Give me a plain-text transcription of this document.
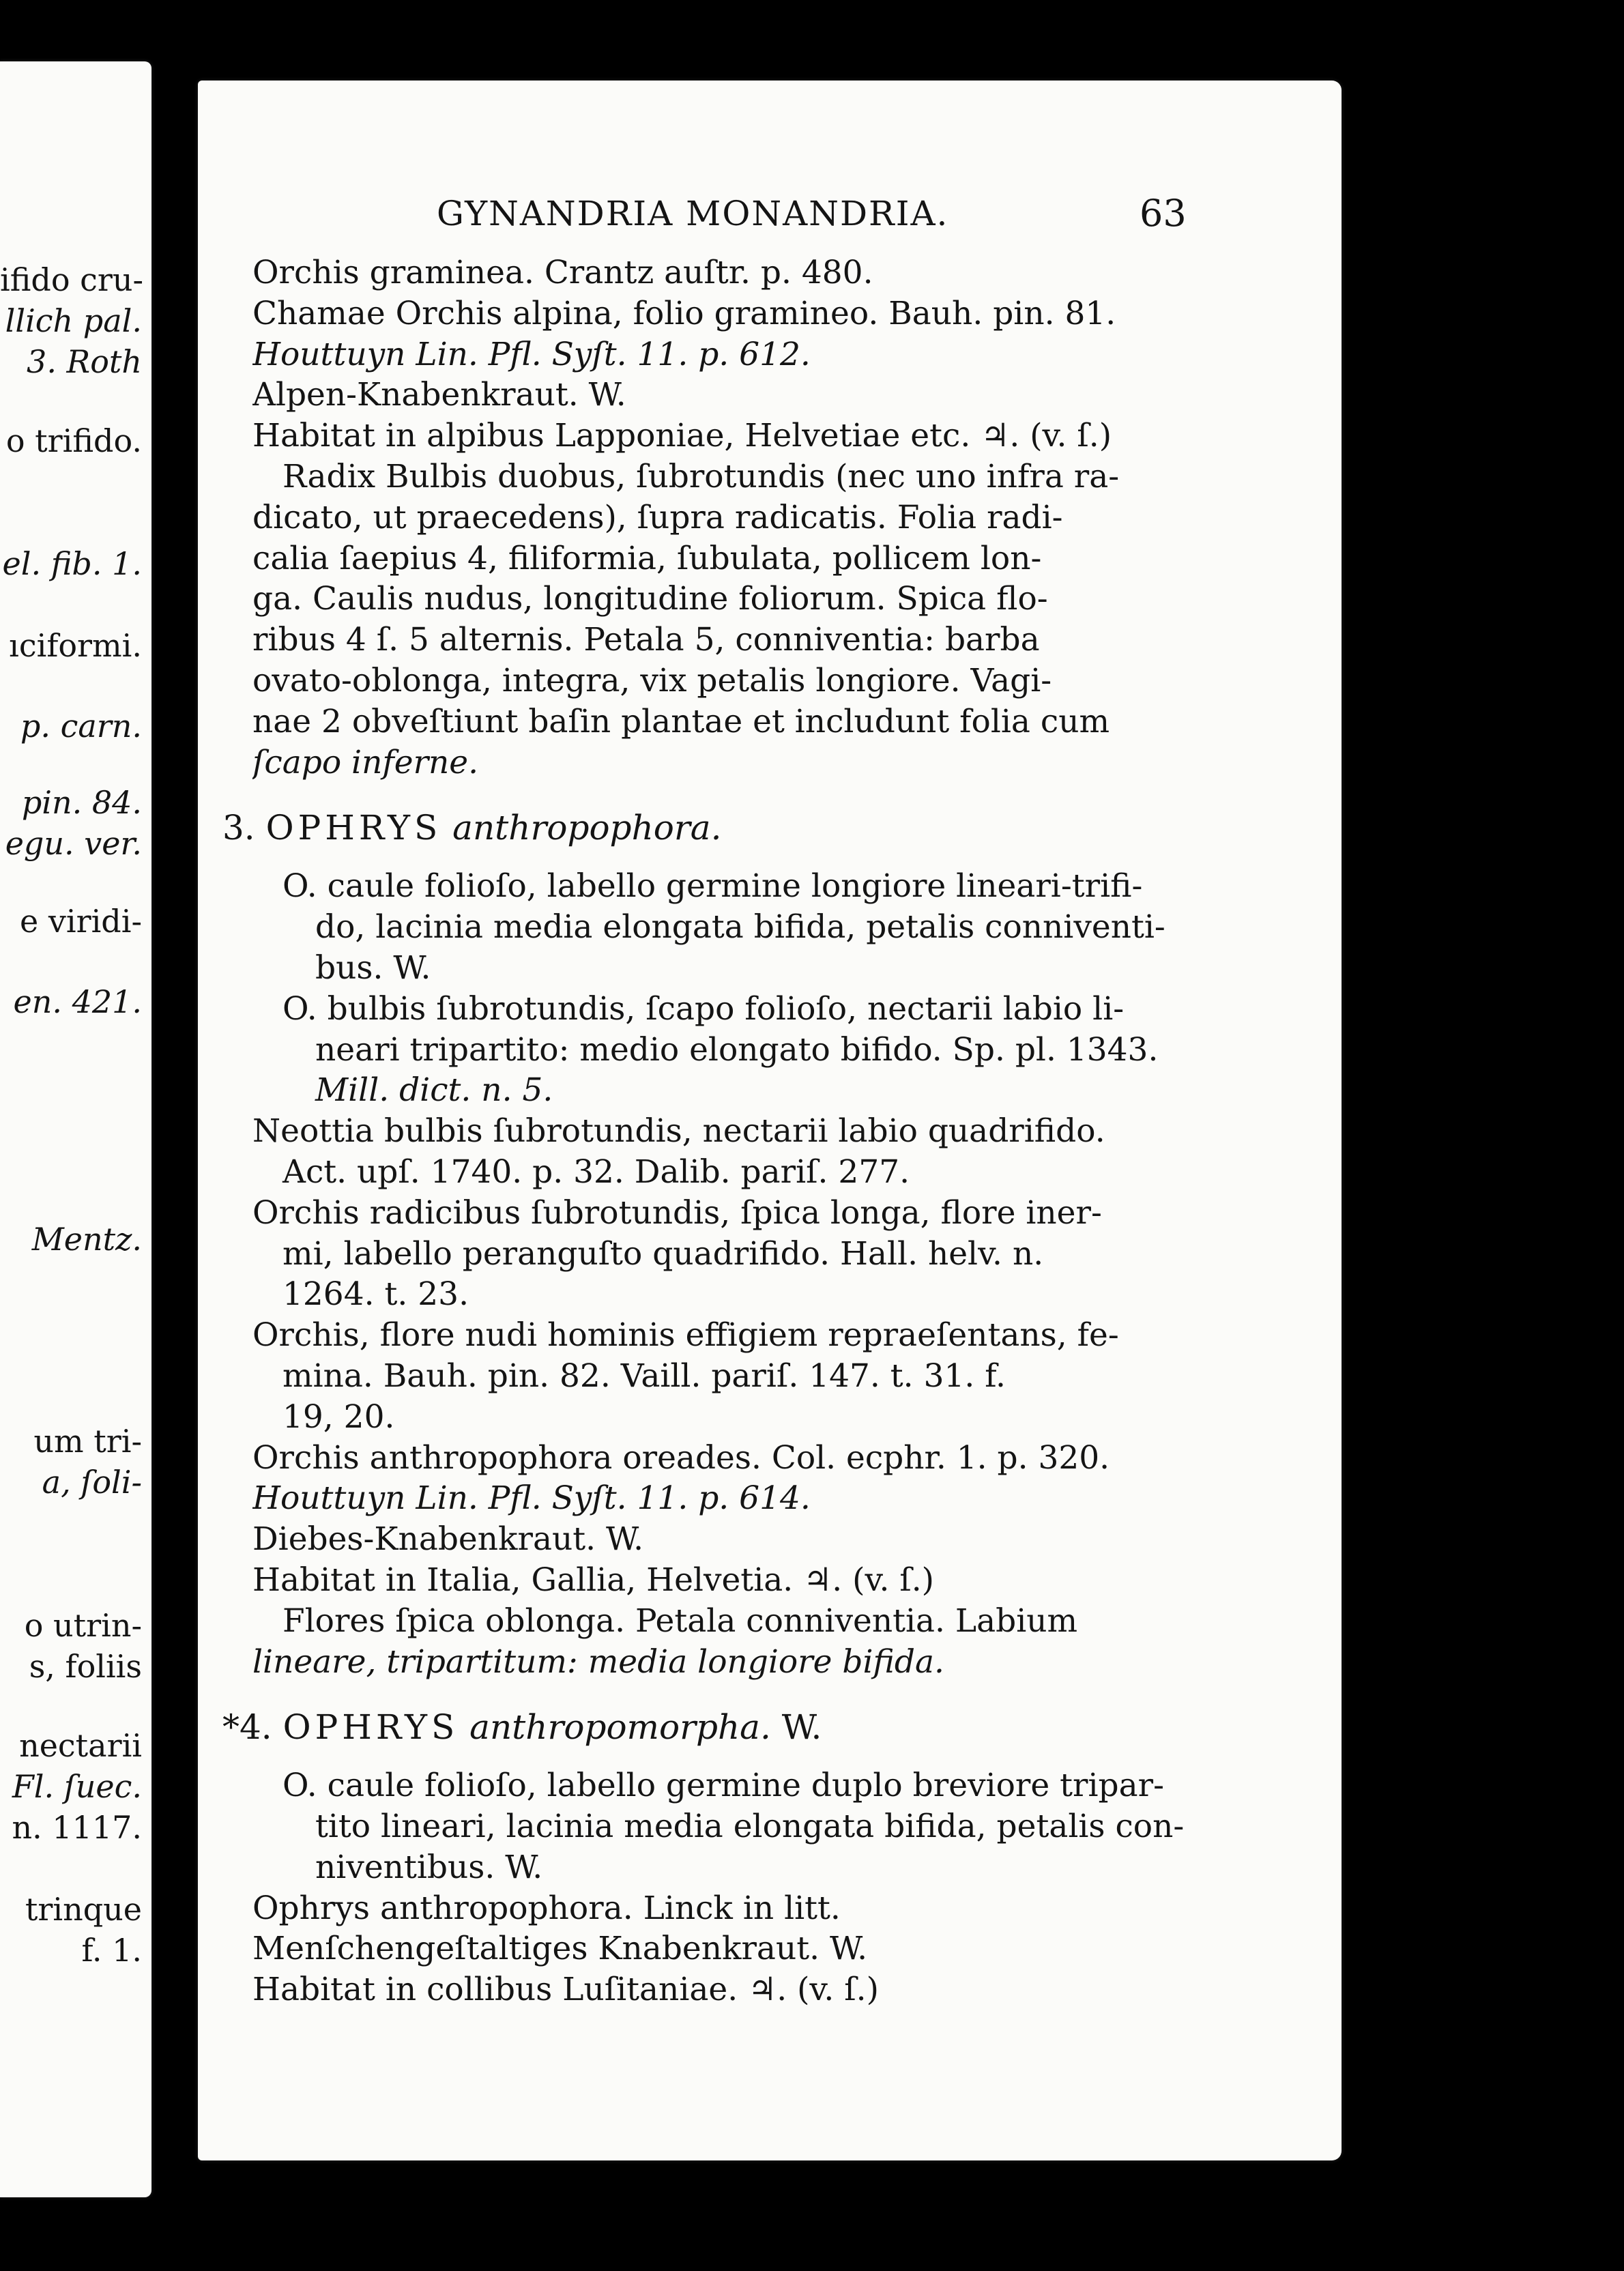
ifido cru-
llich pal.
3. Roth
o trifido.
el. fib. 1.
ıciformi.
p. carn.
pin. 84.
egu. ver.
e viridi-
en. 421.
Mentz.
um tri-
a, ſoli-
o utrin-
s, foliis
nectarii
Fl. ſuec.
n. 1117.
trinque
f. 1.
GYNANDRIA MONANDRIA.	63
Orchis graminea. Crantz auſtr. p. 480.
Chamae Orchis alpina, folio gramineo. Bauh. pin. 81.
Houttuyn Lin. Pfl. Syſt. 11. p. 612.
Alpen-Knabenkraut. W.
Habitat in alpibus Lapponiae, Helvetiae etc. ♃. (v. ſ.)
Radix Bulbis duobus, ſubrotundis (nec uno infra ra-
dicato, ut praecedens), ſupra radicatis. Folia radi-
calia ſaepius 4, filiformia, ſubulata, pollicem lon-
ga. Caulis nudus, longitudine foliorum. Spica flo-
ribus 4 ſ. 5 alternis. Petala 5, conniventia: barba
ovato-oblonga, integra, vix petalis longiore. Vagi-
nae 2 obveſtiunt baſin plantae et includunt folia cum
ſcapo inferne.
3. OPHRYS anthropophora.
O. caule folioſo, labello germine longiore lineari-trifi-
do, lacinia media elongata bifida, petalis conniventi-
bus. W.
O. bulbis ſubrotundis, ſcapo folioſo, nectarii labio li-
neari tripartito: medio elongato bifido. Sp. pl. 1343.
Mill. dict. n. 5.
Neottia bulbis ſubrotundis, nectarii labio quadrifido.
Act. upſ. 1740. p. 32. Dalib. pariſ. 277.
Orchis radicibus ſubrotundis, ſpica longa, flore iner-
mi, labello peranguſto quadrifido. Hall. helv. n.
1264. t. 23.
Orchis, flore nudi hominis effigiem repraeſentans, fe-
mina. Bauh. pin. 82. Vaill. pariſ. 147. t. 31. f.
19, 20.
Orchis anthropophora oreades. Col. ecphr. 1. p. 320.
Houttuyn Lin. Pfl. Syſt. 11. p. 614.
Diebes-Knabenkraut. W.
Habitat in Italia, Gallia, Helvetia. ♃. (v. ſ.)
Flores ſpica oblonga. Petala conniventia. Labium
lineare, tripartitum: media longiore bifida.
*4. OPHRYS anthropomorpha. W.
O. caule folioſo, labello germine duplo breviore tripar-
tito lineari, lacinia media elongata bifida, petalis con-
niventibus. W.
Ophrys anthropophora. Linck in litt.
Menſchengeſtaltiges Knabenkraut. W.
Habitat in collibus Luſitaniae. ♃. (v. ſ.)
